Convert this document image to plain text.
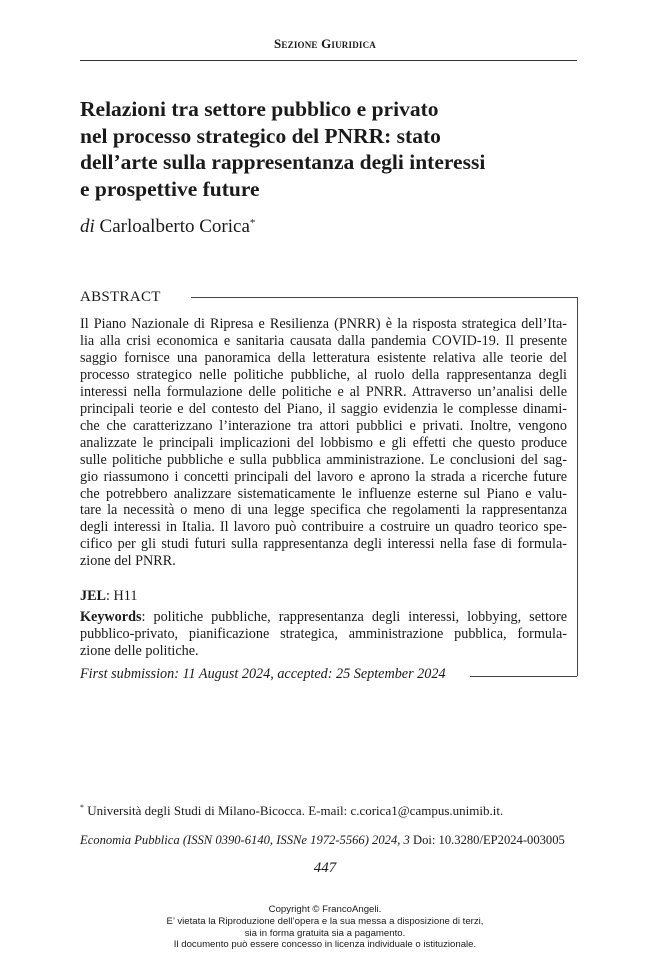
Sezione Giuridica
Relazioni tra settore pubblico e privato
nel processo strategico del PNRR: stato
dell’arte sulla rappresentanza degli interessi
e prospettive future
di Carloalberto Corica*
ABSTRACT
Il Piano Nazionale di Ripresa e Resilienza (PNRR) è la risposta strategica dell’Ita-
lia alla crisi economica e sanitaria causata dalla pandemia COVID-19. Il presente
saggio fornisce una panoramica della letteratura esistente relativa alle teorie del
processo strategico nelle politiche pubbliche, al ruolo della rappresentanza degli
interessi nella formulazione delle politiche e al PNRR. Attraverso un’analisi delle
principali teorie e del contesto del Piano, il saggio evidenzia le complesse dinami-
che che caratterizzano l’interazione tra attori pubblici e privati. Inoltre, vengono
analizzate le principali implicazioni del lobbismo e gli effetti che questo produce
sulle politiche pubbliche e sulla pubblica amministrazione. Le conclusioni del sag-
gio riassumono i concetti principali del lavoro e aprono la strada a ricerche future
che potrebbero analizzare sistematicamente le influenze esterne sul Piano e valu-
tare la necessità o meno di una legge specifica che regolamenti la rappresentanza
degli interessi in Italia. Il lavoro può contribuire a costruire un quadro teorico spe-
cifico per gli studi futuri sulla rappresentanza degli interessi nella fase di formula-
zione del PNRR.
JEL: H11
Keywords: politiche pubbliche, rappresentanza degli interessi, lobbying, settore
pubblico-privato, pianificazione strategica, amministrazione pubblica, formula-
zione delle politiche.
First submission: 11 August 2024, accepted: 25 September 2024
* Università degli Studi di Milano-Bicocca. E-mail: c.corica1@campus.unimib.it.
Economia Pubblica (ISSN 0390-6140, ISSNe 1972-5566) 2024, 3 Doi: 10.3280/EP2024-003005
447
Copyright © FrancoAngeli.
E’ vietata la Riproduzione dell’opera e la sua messa a disposizione di terzi,
sia in forma gratuita sia a pagamento.
Il documento può essere concesso in licenza individuale o istituzionale.
